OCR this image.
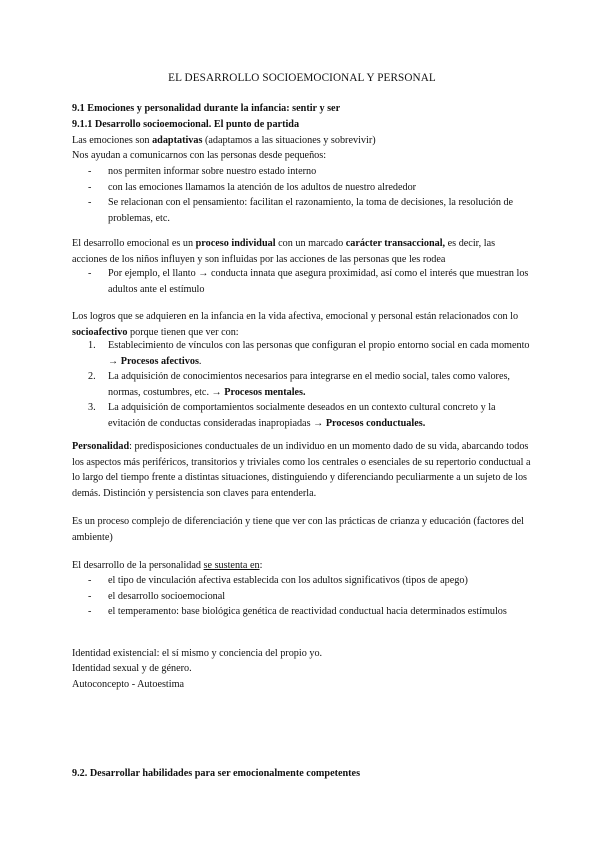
EL DESARROLLO SOCIOEMOCIONAL Y PERSONAL
9.1 Emociones y personalidad durante la infancia: sentir y ser
9.1.1 Desarrollo socioemocional. El punto de partida
Las emociones son adaptativas (adaptamos a las situaciones y sobrevivir)
Nos ayudan a comunicarnos con las personas desde pequeños:
-	nos permiten informar sobre nuestro estado interno
-	con las emociones llamamos la atención de los adultos de nuestro alrededor
-	Se relacionan con el pensamiento: facilitan el razonamiento, la toma de decisiones, la resolución de problemas, etc.
El desarrollo emocional es un proceso individual con un marcado carácter transaccional, es decir, las acciones de los niños influyen y son influidas por las acciones de las personas que les rodea
-	Por ejemplo, el llanto → conducta innata que asegura proximidad, así como el interés que muestran los adultos ante el estímulo
Los logros que se adquieren en la infancia en la vida afectiva, emocional y personal están relacionados con lo socioafectivo porque tienen que ver con:
1.	Establecimiento de vínculos con las personas que configuran el propio entorno social en cada momento → Procesos afectivos.
2.	La adquisición de conocimientos necesarios para integrarse en el medio social, tales como valores, normas, costumbres, etc. → Procesos mentales.
3.	La adquisición de comportamientos socialmente deseados en un contexto cultural concreto y la evitación de conductas consideradas inapropiadas → Procesos conductuales.
Personalidad: predisposiciones conductuales de un individuo en un momento dado de su vida, abarcando todos los aspectos más periféricos, transitorios y triviales como los centrales o esenciales de su repertorio conductual a lo largo del tiempo frente a distintas situaciones, distinguiendo y diferenciando peculiarmente a un sujeto de los demás. Distinción y persistencia son claves para entenderla.
Es un proceso complejo de diferenciación y tiene que ver con las prácticas de crianza y educación (factores del ambiente)
El desarrollo de la personalidad se sustenta en:
-	el tipo de vinculación afectiva establecida con los adultos significativos (tipos de apego)
-	el desarrollo socioemocional
-	el temperamento: base biológica genética de reactividad conductual hacia determinados estímulos
Identidad existencial: el sí mismo y conciencia del propio yo.
Identidad sexual y de género.
Autoconcepto - Autoestima
9.2. Desarrollar habilidades para ser emocionalmente competentes
